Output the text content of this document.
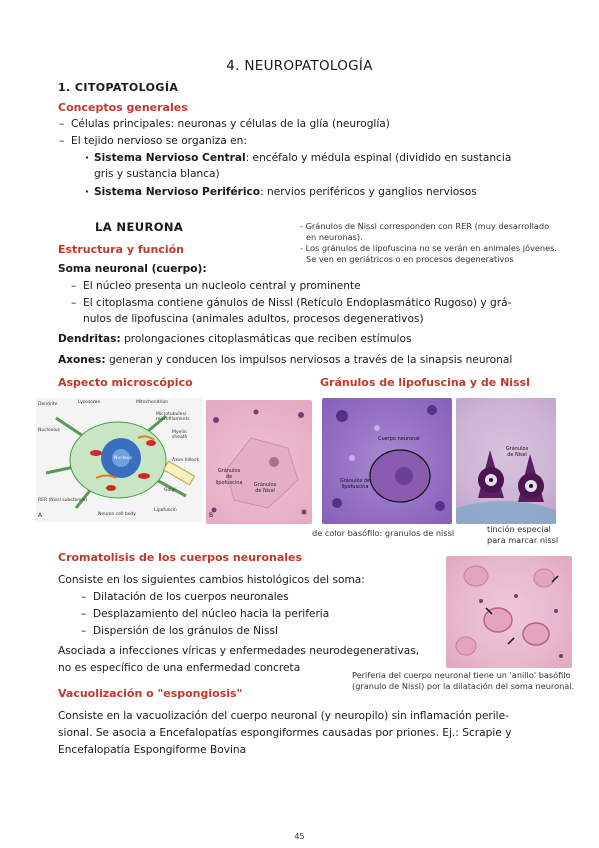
4. NEUROPATOLOGÍA
1. CITOPATOLOGÍA
Conceptos generales
– Células principales: neuronas y células de la glía (neuroglía)
– El tejido nervioso se organiza en:
· Sistema Nervioso Central: encéfalo y médula espinal (dividido en sustancia
gris y sustancia blanca)
· Sistema Nervioso Periférico: nervios periféricos y ganglios nerviosos
LA NEURONA	- Gránulos de Nissl corresponden con RER (muy desarrollado
en neuronas).
- Los gránulos de lipofuscina no se verán en animales jóvenes.
Se ven en geriátricos o en procesos degenerativos
Estructura y función
Soma neuronal (cuerpo):
– El núcleo presenta un nucleolo central y prominente
– El citoplasma contiene gánulos de Nissl (Retículo Endoplasmático Rugoso) y grá-
nulos de lipofuscina (animales adultos, procesos degenerativos)
Dendritas: prolongaciones citoplasmáticas que reciben estímulos
Axones: generan y conducen los impulsos nerviosos a través de la sinapsis neuronal
Aspecto microscópico	Gránulos de lipofuscina y de Nissl
Dendrite	Lysosome	Mitochondrion
Nucleolus
Microtubules/ microfilaments
Myelin sheath
Axon hillock
Golgi
RER (Nissl substance)
Neuron cell body
Lipofuscin
Nucleus
A
Gránulos de lipofuscina	Gránulos de Nissl
B
Cuerpo neuronal
Gránulos de lipofuscina
Gránulos de Nissl
de color basófilo: granulos de nissl	tinción especial
para marcar nissl
Cromatolisis de los cuerpos neuronales
Consiste en los siguientes cambios histológicos del soma:
– Dilatación de los cuerpos neuronales
– Desplazamiento del núcleo hacia la periferia
– Dispersión de los gránulos de Nissl
Asociada a infecciones víricas y enfermedades neurodegenerativas,
no es específico de una enfermedad concreta
Periferia del cuerpo neuronal tiene un 'anillo' basófilo
(granulo de Nissl) por la dilatación del soma neuronal.
Vacuolización o "espongiosis"
Consiste en la vacuolización del cuerpo neuronal (y neuropilo) sin inflamación perile-
sional. Se asocia a Encefalopatías espongiformes causadas por priones. Ej.: Scrapie y
Encefalopatía Espongiforme Bovina
45
